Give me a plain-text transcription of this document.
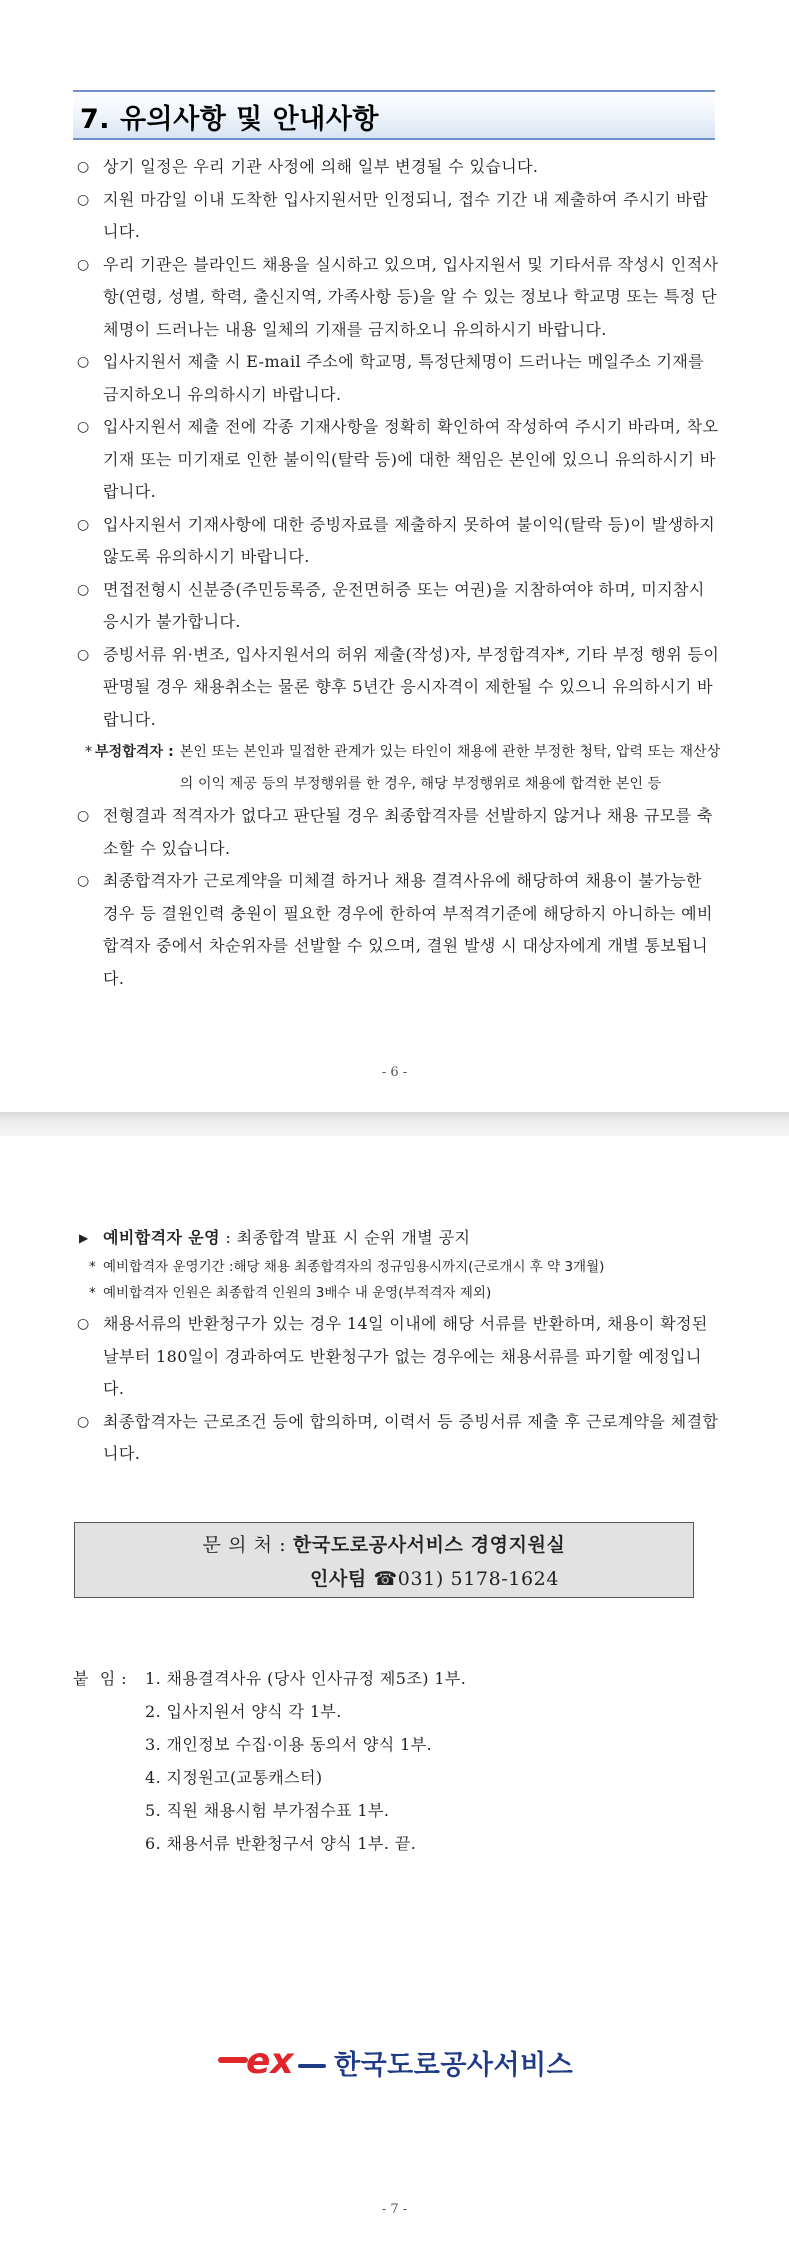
7. 유의사항 및 안내사항
○ 상기 일정은 우리 기관 사정에 의해 일부 변경될 수 있습니다.
○ 지원 마감일 이내 도착한 입사지원서만 인정되니, 접수 기간 내 제출하여 주시기 바랍니다.
○ 우리 기관은 블라인드 채용을 실시하고 있으며, 입사지원서 및 기타서류 작성시 인적사항(연령, 성별, 학력, 출신지역, 가족사항 등)을 알 수 있는 정보나 학교명 또는 특정 단체명이 드러나는 내용 일체의 기재를 금지하오니 유의하시기 바랍니다.
○ 입사지원서 제출 시 E-mail 주소에 학교명, 특정단체명이 드러나는 메일주소 기재를 금지하오니 유의하시기 바랍니다.
○ 입사지원서 제출 전에 각종 기재사항을 정확히 확인하여 작성하여 주시기 바라며, 착오기재 또는 미기재로 인한 불이익(탈락 등)에 대한 책임은 본인에 있으니 유의하시기 바랍니다.
○ 입사지원서 기재사항에 대한 증빙자료를 제출하지 못하여 불이익(탈락 등)이 발생하지 않도록 유의하시기 바랍니다.
○ 면접전형시 신분증(주민등록증, 운전면허증 또는 여권)을 지참하여야 하며, 미지참시 응시가 불가합니다.
○ 증빙서류 위·변조, 입사지원서의 허위 제출(작성)자, 부정합격자*, 기타 부정 행위 등이 판명될 경우 채용취소는 물론 향후 5년간 응시자격이 제한될 수 있으니 유의하시기 바랍니다.
* 부정합격자 : 본인 또는 본인과 밀접한 관계가 있는 타인이 채용에 관한 부정한 청탁, 압력 또는 재산상의 이익 제공 등의 부정행위를 한 경우, 해당 부정행위로 채용에 합격한 본인 등
○ 전형결과 적격자가 없다고 판단될 경우 최종합격자를 선발하지 않거나 채용 규모를 축소할 수 있습니다.
○ 최종합격자가 근로계약을 미체결 하거나 채용 결격사유에 해당하여 채용이 불가능한 경우 등 결원인력 충원이 필요한 경우에 한하여 부적격기준에 해당하지 아니하는 예비합격자 중에서 차순위자를 선발할 수 있으며, 결원 발생 시 대상자에게 개별 통보됩니다.
- 6 -
▶ 예비합격자 운영 : 최종합격 발표 시 순위 개별 공지
* 예비합격자 운영기간 :해당 채용 최종합격자의 정규임용시까지(근로개시 후 약 3개월)
* 예비합격자 인원은 최종합격 인원의 3배수 내 운영(부적격자 제외)
○ 채용서류의 반환청구가 있는 경우 14일 이내에 해당 서류를 반환하며, 채용이 확정된 날부터 180일이 경과하여도 반환청구가 없는 경우에는 채용서류를 파기할 예정입니다.
○ 최종합격자는 근로조건 등에 합의하며, 이력서 등 증빙서류 제출 후 근로계약을 체결합니다.
문 의 처 : 한국도로공사서비스 경영지원실
인사팀 ☎031) 5178-1624
붙  임 :	1. 채용결격사유 (당사 인사규정 제5조) 1부.
2. 입사지원서 양식 각 1부.
3. 개인정보 수집·이용 동의서 양식 1부.
4. 지정원고(교통캐스터)
5. 직원 채용시험 부가점수표 1부.
6. 채용서류 반환청구서 양식 1부. 끝.
ex 한국도로공사서비스
- 7 -
